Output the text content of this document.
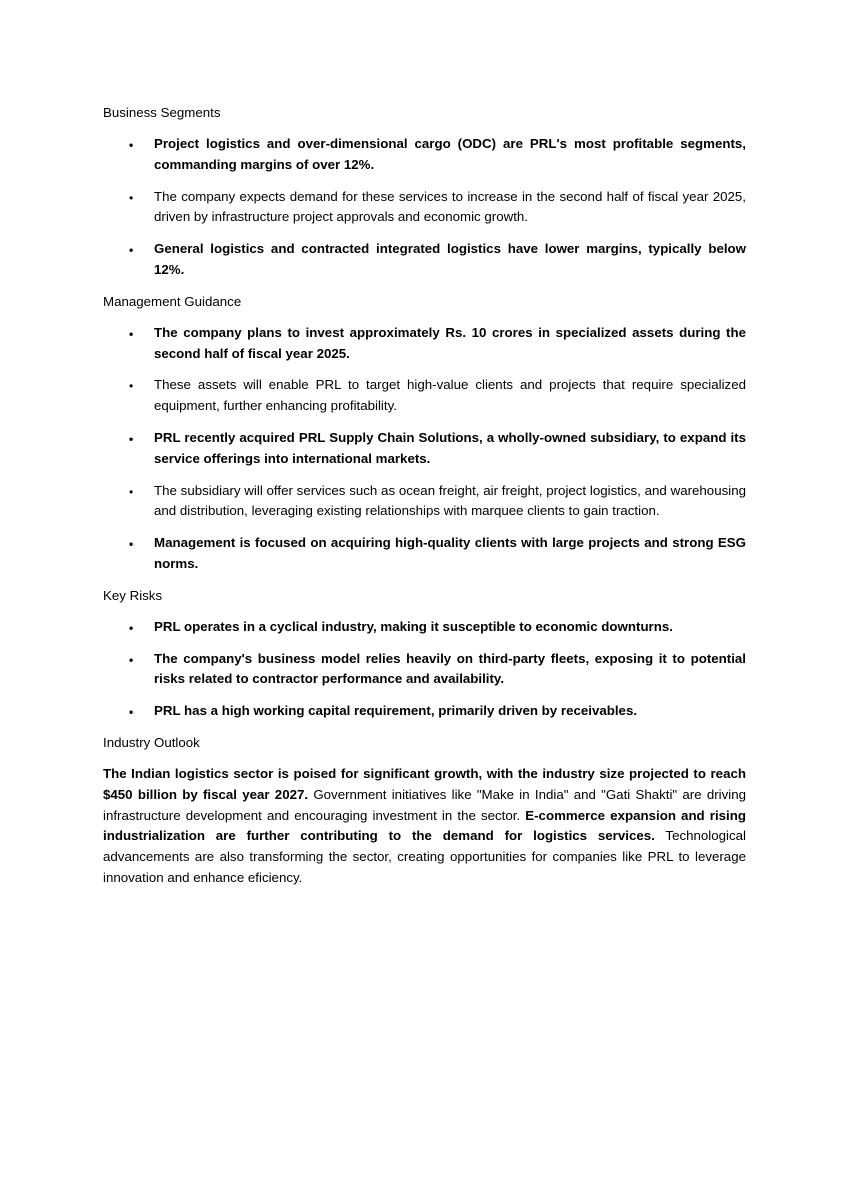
Business Segments
• Project logistics and over-dimensional cargo (ODC) are PRL's most profitable segments, commanding margins of over 12%.
• The company expects demand for these services to increase in the second half of fiscal year 2025, driven by infrastructure project approvals and economic growth.
• General logistics and contracted integrated logistics have lower margins, typically below 12%.
Management Guidance
• The company plans to invest approximately Rs. 10 crores in specialized assets during the second half of fiscal year 2025.
• These assets will enable PRL to target high-value clients and projects that require specialized equipment, further enhancing profitability.
• PRL recently acquired PRL Supply Chain Solutions, a wholly-owned subsidiary, to expand its service offerings into international markets.
• The subsidiary will offer services such as ocean freight, air freight, project logistics, and warehousing and distribution, leveraging existing relationships with marquee clients to gain traction.
• Management is focused on acquiring high-quality clients with large projects and strong ESG norms.
Key Risks
• PRL operates in a cyclical industry, making it susceptible to economic downturns.
• The company's business model relies heavily on third-party fleets, exposing it to potential risks related to contractor performance and availability.
• PRL has a high working capital requirement, primarily driven by receivables.
Industry Outlook

The Indian logistics sector is poised for significant growth, with the industry size projected to reach $450 billion by fiscal year 2027. Government initiatives like "Make in India" and "Gati Shakti" are driving infrastructure development and encouraging investment in the sector. E-commerce expansion and rising industrialization are further contributing to the demand for logistics services. Technological advancements are also transforming the sector, creating opportunities for companies like PRL to leverage innovation and enhance eﬁciency.
